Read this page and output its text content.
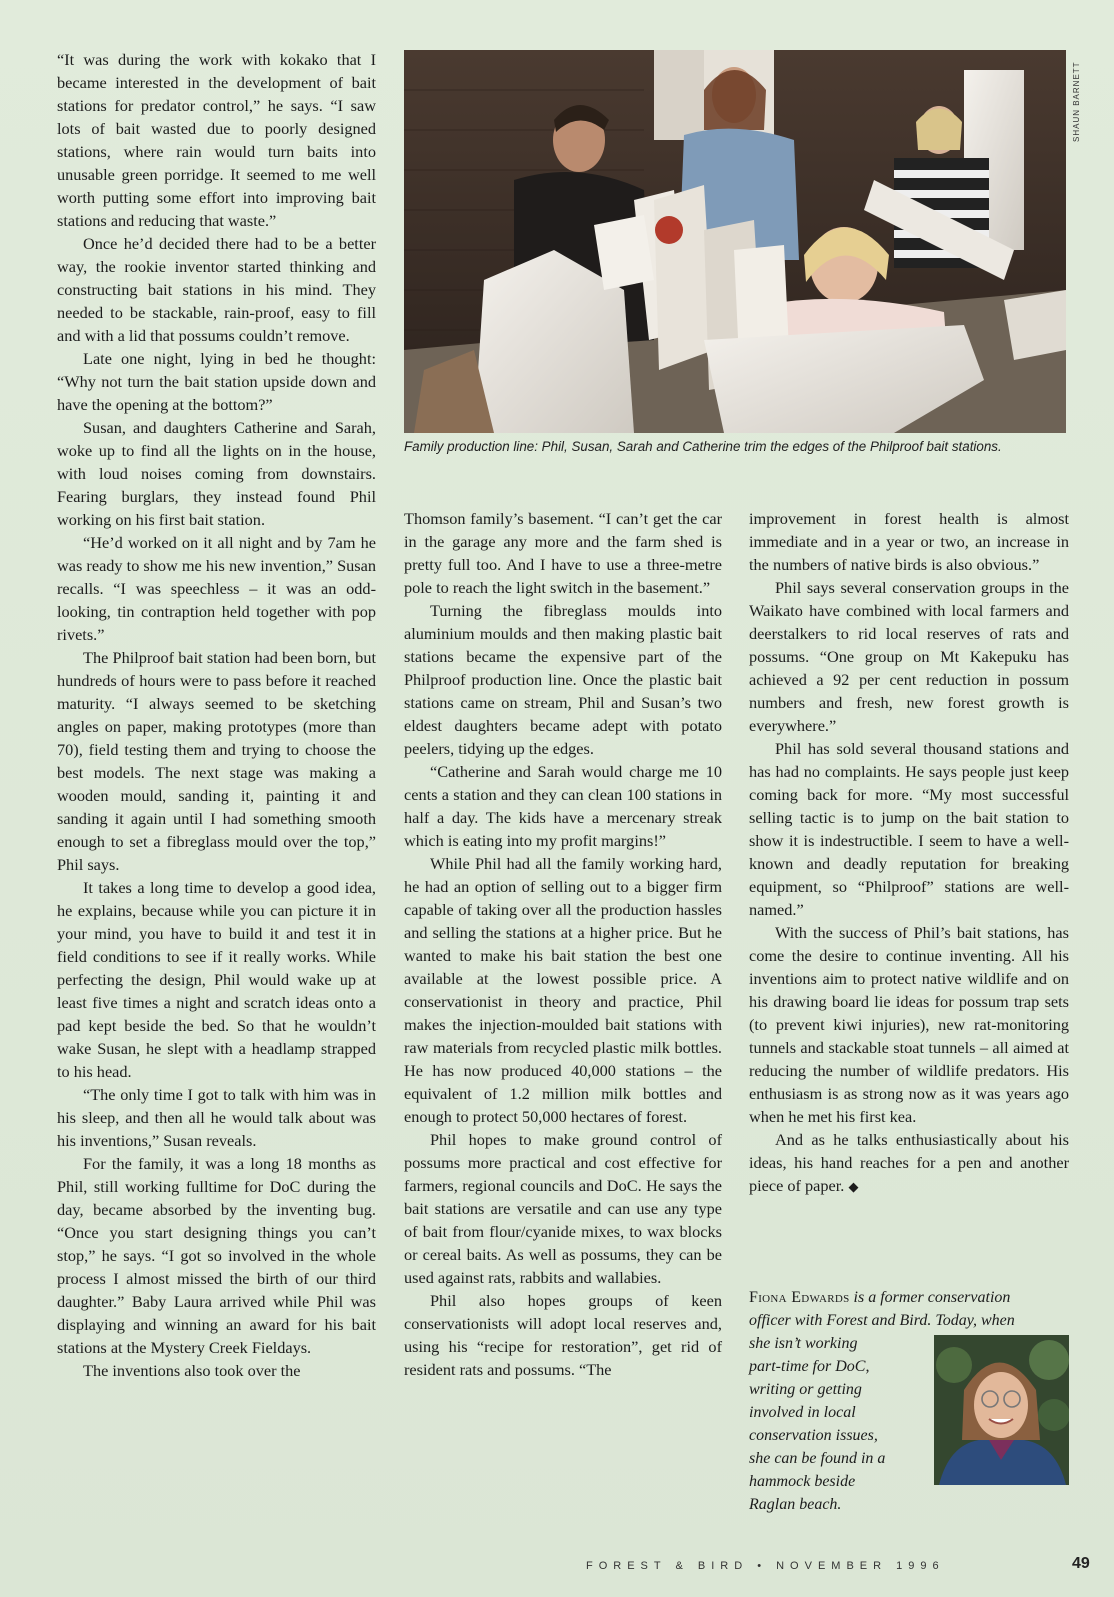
“It was during the work with kokako that I became interested in the development of bait stations for predator control,” he says. “I saw lots of bait wasted due to poorly designed stations, where rain would turn baits into unusable green porridge. It seemed to me well worth putting some effort into improving bait stations and reducing that waste.”

Once he’d decided there had to be a better way, the rookie inventor started thinking and constructing bait stations in his mind. They needed to be stackable, rain-proof, easy to fill and with a lid that possums couldn’t remove.

Late one night, lying in bed he thought: “Why not turn the bait station upside down and have the opening at the bottom?”

Susan, and daughters Catherine and Sarah, woke up to find all the lights on in the house, with loud noises coming from downstairs. Fearing burglars, they instead found Phil working on his first bait station.

“He’d worked on it all night and by 7am he was ready to show me his new invention,” Susan recalls. “I was speechless – it was an odd-looking, tin contraption held together with pop rivets.”

The Philproof bait station had been born, but hundreds of hours were to pass before it reached maturity. “I always seemed to be sketching angles on paper, making prototypes (more than 70), field testing them and trying to choose the best models. The next stage was making a wooden mould, sanding it, painting it and sanding it again until I had something smooth enough to set a fibreglass mould over the top,” Phil says.

It takes a long time to develop a good idea, he explains, because while you can picture it in your mind, you have to build it and test it in field conditions to see if it really works. While perfecting the design, Phil would wake up at least five times a night and scratch ideas onto a pad kept beside the bed. So that he wouldn’t wake Susan, he slept with a headlamp strapped to his head.

“The only time I got to talk with him was in his sleep, and then all he would talk about was his inventions,” Susan reveals.

For the family, it was a long 18 months as Phil, still working fulltime for DoC during the day, became absorbed by the inventing bug. “Once you start designing things you can’t stop,” he says. “I got so involved in the whole process I almost missed the birth of our third daughter.” Baby Laura arrived while Phil was displaying and winning an award for his bait stations at the Mystery Creek Fieldays.

The inventions also took over the

SHAUN BARNETT
Family production line: Phil, Susan, Sarah and Catherine trim the edges of the Philproof bait stations.

Thomson family’s basement. “I can’t get the car in the garage any more and the farm shed is pretty full too. And I have to use a three-metre pole to reach the light switch in the basement.”

Turning the fibreglass moulds into aluminium moulds and then making plastic bait stations became the expensive part of the Philproof production line. Once the plastic bait stations came on stream, Phil and Susan’s two eldest daughters became adept with potato peelers, tidying up the edges.

“Catherine and Sarah would charge me 10 cents a station and they can clean 100 stations in half a day. The kids have a mercenary streak which is eating into my profit margins!”

While Phil had all the family working hard, he had an option of selling out to a bigger firm capable of taking over all the production hassles and selling the stations at a higher price. But he wanted to make his bait station the best one available at the lowest possible price. A conservationist in theory and practice, Phil makes the injection-moulded bait stations with raw materials from recycled plastic milk bottles. He has now produced 40,000 stations – the equivalent of 1.2 million milk bottles and enough to protect 50,000 hectares of forest.

Phil hopes to make ground control of possums more practical and cost effective for farmers, regional councils and DoC. He says the bait stations are versatile and can use any type of bait from flour/cyanide mixes, to wax blocks or cereal baits. As well as possums, they can be used against rats, rabbits and wallabies.

Phil also hopes groups of keen conservationists will adopt local reserves and, using his “recipe for restoration”, get rid of resident rats and possums. “The

improvement in forest health is almost immediate and in a year or two, an increase in the numbers of native birds is also obvious.”

Phil says several conservation groups in the Waikato have combined with local farmers and deerstalkers to rid local reserves of rats and possums. “One group on Mt Kakepuku has achieved a 92 per cent reduction in possum numbers and fresh, new forest growth is everywhere.”

Phil has sold several thousand stations and has had no complaints. He says people just keep coming back for more. “My most successful selling tactic is to jump on the bait station to show it is indestructible. I seem to have a well-known and deadly reputation for breaking equipment, so “Philproof” stations are well-named.”

With the success of Phil’s bait stations, has come the desire to continue inventing. All his inventions aim to protect native wildlife and on his drawing board lie ideas for possum trap sets (to prevent kiwi injuries), new rat-monitoring tunnels and stackable stoat tunnels – all aimed at reducing the number of wildlife predators. His enthusiasm is as strong now as it was years ago when he met his first kea.

And as he talks enthusiastically about his ideas, his hand reaches for a pen and another piece of paper. ◆

Fiona Edwards is a former conservation
officer with Forest and Bird. Today, when
she isn’t working
part-time for DoC,
writing or getting
involved in local
conservation issues,
she can be found in a
hammock beside
Raglan beach.
FOREST & BIRD • NOVEMBER 1996	49
